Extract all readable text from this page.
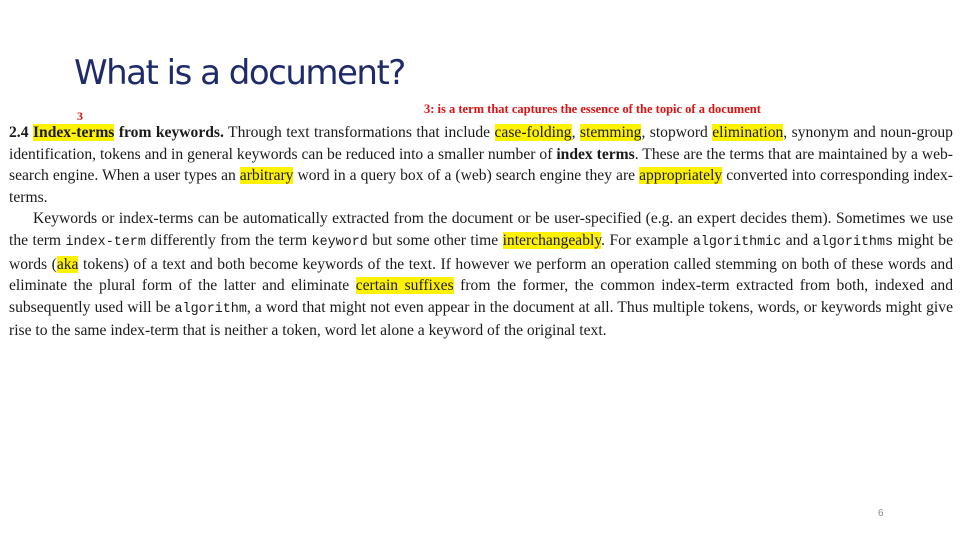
What is a document?
3	3: is a term that captures the essence of the topic of a document

2.4 Index-terms from keywords. Through text transformations that include case-folding, stemming, stopword elimination, synonym and noun-group identification, tokens and in general keywords can be reduced into a smaller number of index terms. These are the terms that are maintained by a web-search engine. When a user types an arbitrary word in a query box of a (web) search engine they are appropriately converted into corresponding index-terms.

Keywords or index-terms can be automatically extracted from the document or be user-specified (e.g. an expert decides them). Sometimes we use the term index-term differently from the term keyword but some other time interchangeably. For example algorithmic and algorithms might be words (aka tokens) of a text and both become keywords of the text. If however we perform an operation called stemming on both of these words and eliminate the plural form of the latter and eliminate certain suffixes from the former, the common index-term extracted from both, indexed and subsequently used will be algorithm, a word that might not even appear in the document at all. Thus multiple tokens, words, or keywords might give rise to the same index-term that is neither a token, word let alone a keyword of the original text.

6
